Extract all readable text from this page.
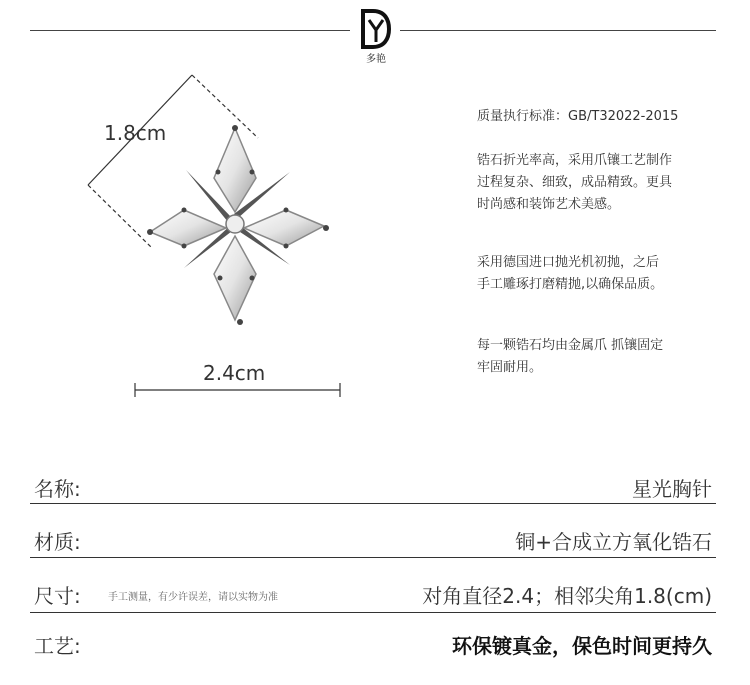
多艳
1.8cm
2.4cm

质量执行标准：GB/T32022-2015

锆石折光率高，采用爪镶工艺制作

过程复杂、细致，成品精致。更具

时尚感和装饰艺术美感。

采用德国进口抛光机初抛，之后

手工雕琢打磨精抛,以确保品质。

每一颗锆石均由金属爪 抓镶固定

牢固耐用。

名称:	星光胸针
材质:	铜+合成立方氧化锆石
尺寸:	手工测量，有少许误差，请以实物为准	对角直径2.4；相邻尖角1.8(cm)
工艺:	环保镀真金，保色时间更持久
